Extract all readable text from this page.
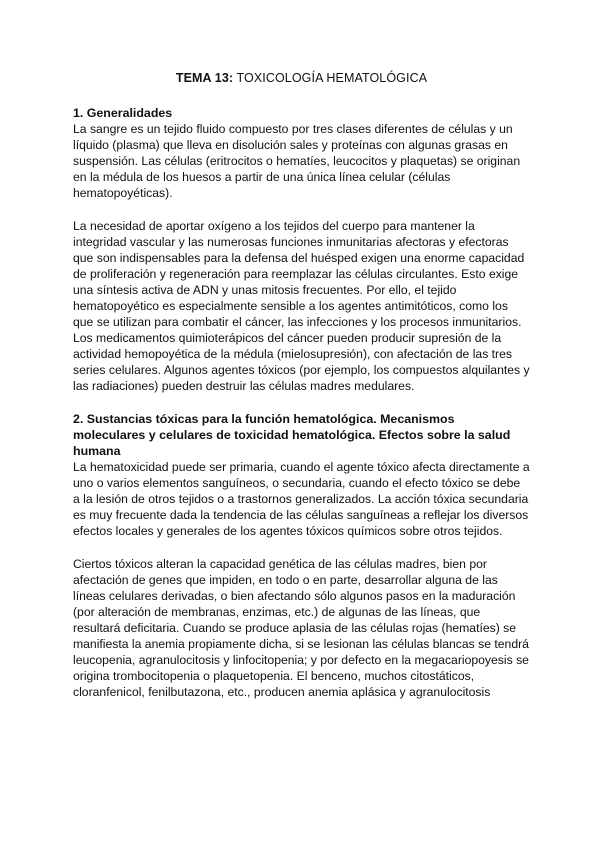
TEMA 13: TOXICOLOGÍA HEMATOLÓGICA

1. Generalidades

La sangre es un tejido fluido compuesto por tres clases diferentes de células y un líquido (plasma) que lleva en disolución sales y proteínas con algunas grasas en suspensión. Las células (eritrocitos o hematíes, leucocitos y plaquetas) se originan en la médula de los huesos a partir de una única línea celular (células hematopoyéticas).

La necesidad de aportar oxígeno a los tejidos del cuerpo para mantener la integridad vascular y las numerosas funciones inmunitarias afectoras y efectoras que son indispensables para la defensa del huésped exigen una enorme capacidad de proliferación y regeneración para reemplazar las células circulantes. Esto exige una síntesis activa de ADN y unas mitosis frecuentes. Por ello, el tejido hematopoyético es especialmente sensible a los agentes antimitóticos, como los que se utilizan para combatir el cáncer, las infecciones y los procesos inmunitarios. Los medicamentos quimioterápicos del cáncer pueden producir supresión de la actividad hemopoyética de la médula (mielosupresión), con afectación de las tres series celulares. Algunos agentes tóxicos (por ejemplo, los compuestos alquilantes y las radiaciones) pueden destruir las células madres medulares.

2. Sustancias tóxicas para la función hematológica. Mecanismos moleculares y celulares de toxicidad hematológica. Efectos sobre la salud humana

La hematoxicidad puede ser primaria, cuando el agente tóxico afecta directamente a uno o varios elementos sanguíneos, o secundaria, cuando el efecto tóxico se debe a la lesión de otros tejidos o a trastornos generalizados. La acción tóxica secundaria es muy frecuente dada la tendencia de las células sanguíneas a reflejar los diversos efectos locales y generales de los agentes tóxicos químicos sobre otros tejidos.

Ciertos tóxicos alteran la capacidad genética de las células madres, bien por afectación de genes que impiden, en todo o en parte, desarrollar alguna de las líneas celulares derivadas, o bien afectando sólo algunos pasos en la maduración (por alteración de membranas, enzimas, etc.) de algunas de las líneas, que resultará deficitaria. Cuando se produce aplasia de las células rojas (hematíes) se manifiesta la anemia propiamente dicha, si se lesionan las células blancas se tendrá leucopenia, agranulocitosis y linfocitopenia; y por defecto en la megacariopoyesis se origina trombocitopenia o plaquetopenia. El benceno, muchos citostáticos, cloranfenicol, fenilbutazona, etc., producen anemia aplásica y agranulocitosis
